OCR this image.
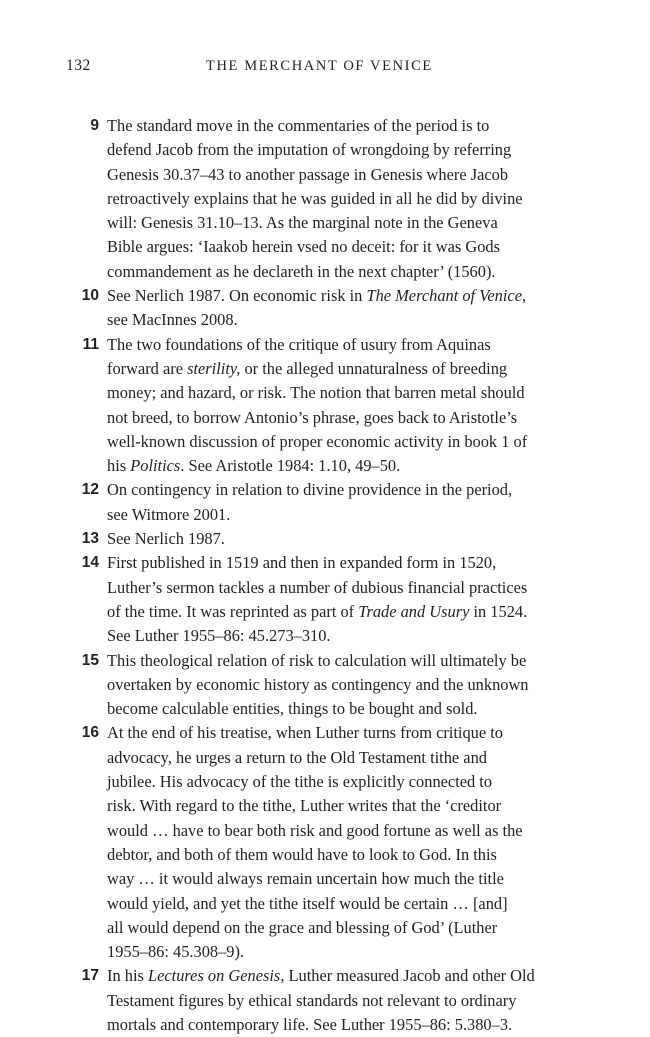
132	THE MERCHANT OF VENICE
9 The standard move in the commentaries of the period is to
defend Jacob from the imputation of wrongdoing by referring
Genesis 30.37–43 to another passage in Genesis where Jacob
retroactively explains that he was guided in all he did by divine
will: Genesis 31.10–13. As the marginal note in the Geneva
Bible argues: ‘Iaakob herein vsed no deceit: for it was Gods
commandement as he declareth in the next chapter’ (1560).
10 See Nerlich 1987. On economic risk in The Merchant of Venice,
see MacInnes 2008.
11 The two foundations of the critique of usury from Aquinas
forward are sterility, or the alleged unnaturalness of breeding
money; and hazard, or risk. The notion that barren metal should
not breed, to borrow Antonio’s phrase, goes back to Aristotle’s
well-known discussion of proper economic activity in book 1 of
his Politics. See Aristotle 1984: 1.10, 49–50.
12 On contingency in relation to divine providence in the period,
see Witmore 2001.
13 See Nerlich 1987.
14 First published in 1519 and then in expanded form in 1520,
Luther’s sermon tackles a number of dubious financial practices
of the time. It was reprinted as part of Trade and Usury in 1524.
See Luther 1955–86: 45.273–310.
15 This theological relation of risk to calculation will ultimately be
overtaken by economic history as contingency and the unknown
become calculable entities, things to be bought and sold.
16 At the end of his treatise, when Luther turns from critique to
advocacy, he urges a return to the Old Testament tithe and
jubilee. His advocacy of the tithe is explicitly connected to
risk. With regard to the tithe, Luther writes that the ‘creditor
would … have to bear both risk and good fortune as well as the
debtor, and both of them would have to look to God. In this
way … it would always remain uncertain how much the title
would yield, and yet the tithe itself would be certain … [and]
all would depend on the grace and blessing of God’ (Luther
1955–86: 45.308–9).
17 In his Lectures on Genesis, Luther measured Jacob and other Old
Testament figures by ethical standards not relevant to ordinary
mortals and contemporary life. See Luther 1955–86: 5.380–3.
